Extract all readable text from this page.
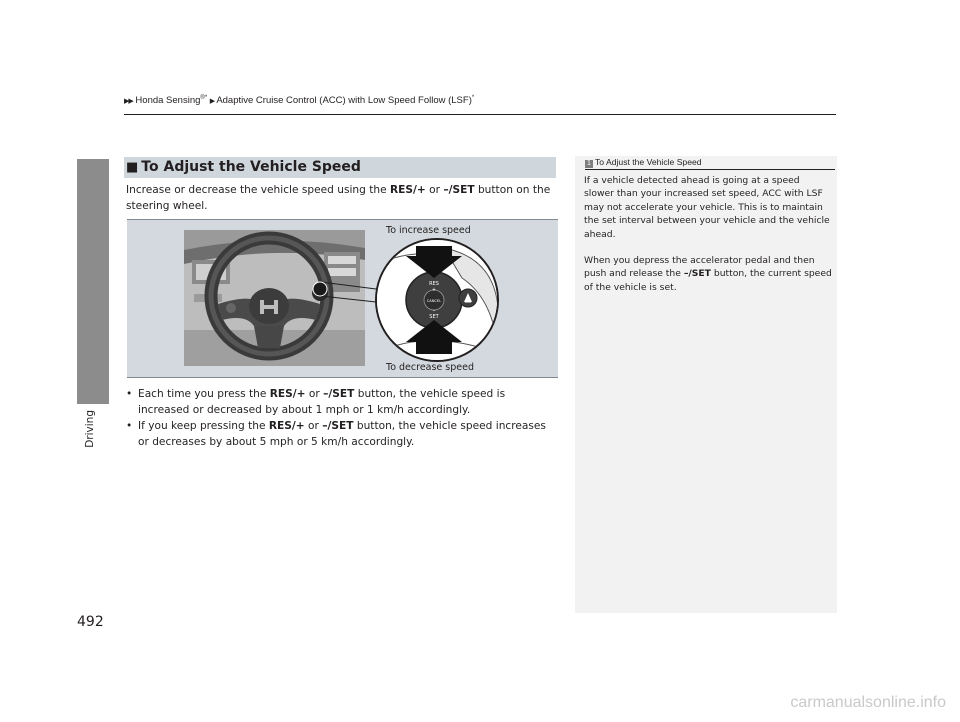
▶▶ Honda Sensing®* ▶ Adaptive Cruise Control (ACC) with Low Speed Follow (LSF)*
Driving
■ To Adjust the Vehicle Speed
Increase or decrease the vehicle speed using the RES/+ or –/SET button on the steering wheel.
RES
+
CANCEL
–
SET
To increase speed
To decrease speed
• Each time you press the RES/+ or –/SET button, the vehicle speed is increased or decreased by about 1 mph or 1 km/h accordingly.
• If you keep pressing the RES/+ or –/SET button, the vehicle speed increases or decreases by about 5 mph or 5 km/h accordingly.
1 To Adjust the Vehicle Speed

If a vehicle detected ahead is going at a speed slower than your increased set speed, ACC with LSF may not accelerate your vehicle. This is to maintain the set interval between your vehicle and the vehicle ahead.

When you depress the accelerator pedal and then push and release the –/SET button, the current speed of the vehicle is set.

492
carmanualsonline.info
